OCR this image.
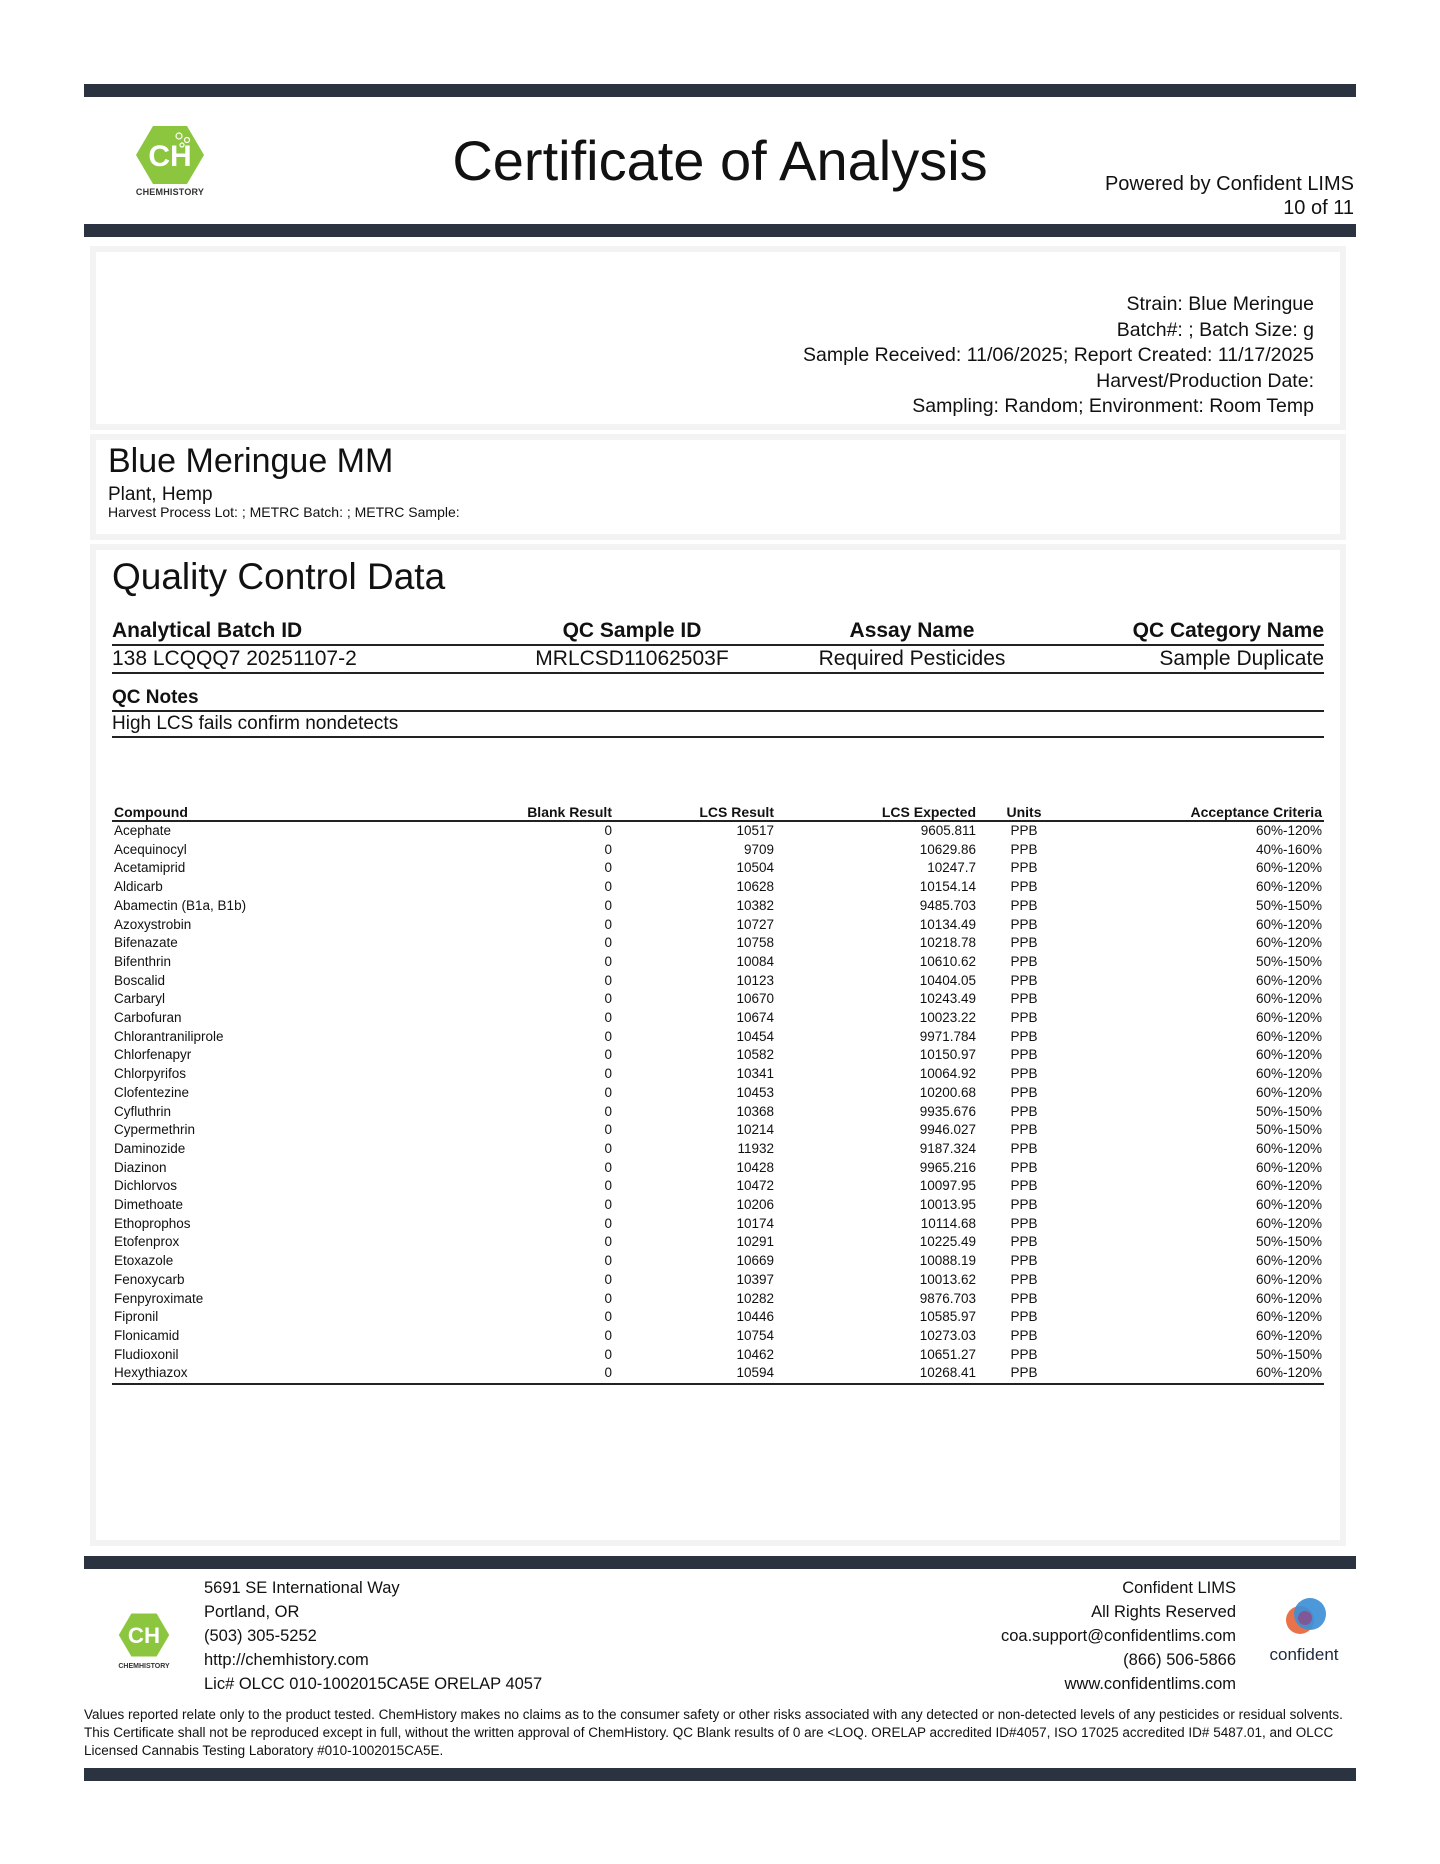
CH
CHEMHISTORY	Certificate of Analysis	Powered by Confident LIMS
10 of 11
Strain: Blue Meringue
Batch#: ; Batch Size: g
Sample Received: 11/06/2025; Report Created: 11/17/2025
Harvest/Production Date:
Sampling: Random; Environment: Room Temp
Blue Meringue MM
Plant, Hemp
Harvest Process Lot: ; METRC Batch: ; METRC Sample:
Quality Control Data
Analytical Batch ID	QC Sample ID	Assay Name	QC Category Name
138 LCQQQ7 20251107-2	MRLCSD11062503F	Required Pesticides	Sample Duplicate
QC Notes
High LCS fails confirm nondetects
Compound	Blank Result	LCS Result	LCS Expected	Units	Acceptance Criteria
Acephate	0	10517	9605.811	PPB	60%-120%
Acequinocyl	0	9709	10629.86	PPB	40%-160%
Acetamiprid	0	10504	10247.7	PPB	60%-120%
Aldicarb	0	10628	10154.14	PPB	60%-120%
Abamectin (B1a, B1b)	0	10382	9485.703	PPB	50%-150%
Azoxystrobin	0	10727	10134.49	PPB	60%-120%
Bifenazate	0	10758	10218.78	PPB	60%-120%
Bifenthrin	0	10084	10610.62	PPB	50%-150%
Boscalid	0	10123	10404.05	PPB	60%-120%
Carbaryl	0	10670	10243.49	PPB	60%-120%
Carbofuran	0	10674	10023.22	PPB	60%-120%
Chlorantraniliprole	0	10454	9971.784	PPB	60%-120%
Chlorfenapyr	0	10582	10150.97	PPB	60%-120%
Chlorpyrifos	0	10341	10064.92	PPB	60%-120%
Clofentezine	0	10453	10200.68	PPB	60%-120%
Cyfluthrin	0	10368	9935.676	PPB	50%-150%
Cypermethrin	0	10214	9946.027	PPB	50%-150%
Daminozide	0	11932	9187.324	PPB	60%-120%
Diazinon	0	10428	9965.216	PPB	60%-120%
Dichlorvos	0	10472	10097.95	PPB	60%-120%
Dimethoate	0	10206	10013.95	PPB	60%-120%
Ethoprophos	0	10174	10114.68	PPB	60%-120%
Etofenprox	0	10291	10225.49	PPB	50%-150%
Etoxazole	0	10669	10088.19	PPB	60%-120%
Fenoxycarb	0	10397	10013.62	PPB	60%-120%
Fenpyroximate	0	10282	9876.703	PPB	60%-120%
Fipronil	0	10446	10585.97	PPB	60%-120%
Flonicamid	0	10754	10273.03	PPB	60%-120%
Fludioxonil	0	10462	10651.27	PPB	50%-150%
Hexythiazox	0	10594	10268.41	PPB	60%-120%
CH
CHEMHISTORY
5691 SE International Way
Portland, OR
(503) 305-5252
http://chemhistory.com
Lic# OLCC 010-1002015CA5E ORELAP 4057
Confident LIMS
All Rights Reserved
coa.support@confidentlims.com
(866) 506-5866
www.confidentlims.com
confident
Values reported relate only to the product tested. ChemHistory makes no claims as to the consumer safety or other risks associated with any detected or non-detected levels of any pesticides or residual solvents. This Certificate shall not be reproduced except in full, without the written approval of ChemHistory. QC Blank results of 0 are <LOQ. ORELAP accredited ID#4057, ISO 17025 accredited ID# 5487.01, and OLCC Licensed Cannabis Testing Laboratory #010-1002015CA5E.
